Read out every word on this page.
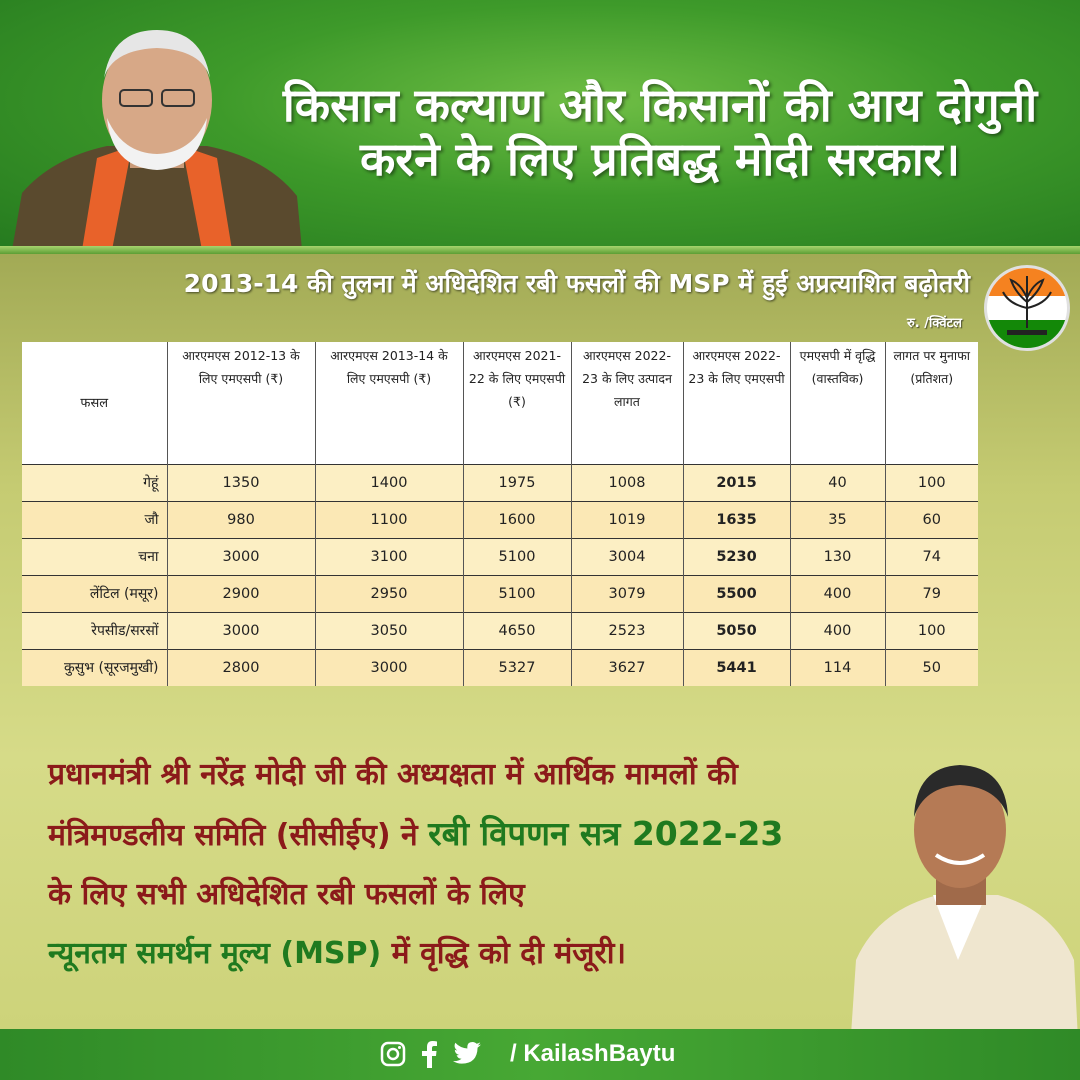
किसान कल्याण और किसानों की आय दोगुनी
करने के लिए प्रतिबद्ध मोदी सरकार।
2013-14 की तुलना में अधिदेशित रबी फसलों की MSP में हुई अप्रत्याशित बढ़ोतरी
रु. /क्विंटल
फसल	आरएमएस 2012-13 के लिए एमएसपी (₹)	आरएमएस 2013-14 के लिए एमएसपी (₹)	आरएमएस 2021-22 के लिए एमएसपी (₹)	आरएमएस 2022-23 के लिए उत्पादन लागत	आरएमएस 2022-23 के लिए एमएसपी	एमएसपी में वृद्धि (वास्तविक)	लागत पर मुनाफा (प्रतिशत)
गेहूं	1350	1400	1975	1008	2015	40	100
जौ	980	1100	1600	1019	1635	35	60
चना	3000	3100	5100	3004	5230	130	74
लेंटिल (मसूर)	2900	2950	5100	3079	5500	400	79
रेपसीड/सरसों	3000	3050	4650	2523	5050	400	100
कुसुभ (सूरजमुखी)	2800	3000	5327	3627	5441	114	50
प्रधानमंत्री श्री नरेंद्र मोदी जी की अध्यक्षता में आर्थिक मामलों की
मंत्रिमण्डलीय समिति (सीसीईए) ने रबी विपणन सत्र 2022-23
के लिए सभी अधिदेशित रबी फसलों के लिए
न्यूनतम समर्थन मूल्य (MSP) में वृद्धि को दी मंजूरी।
/ KailashBaytu
